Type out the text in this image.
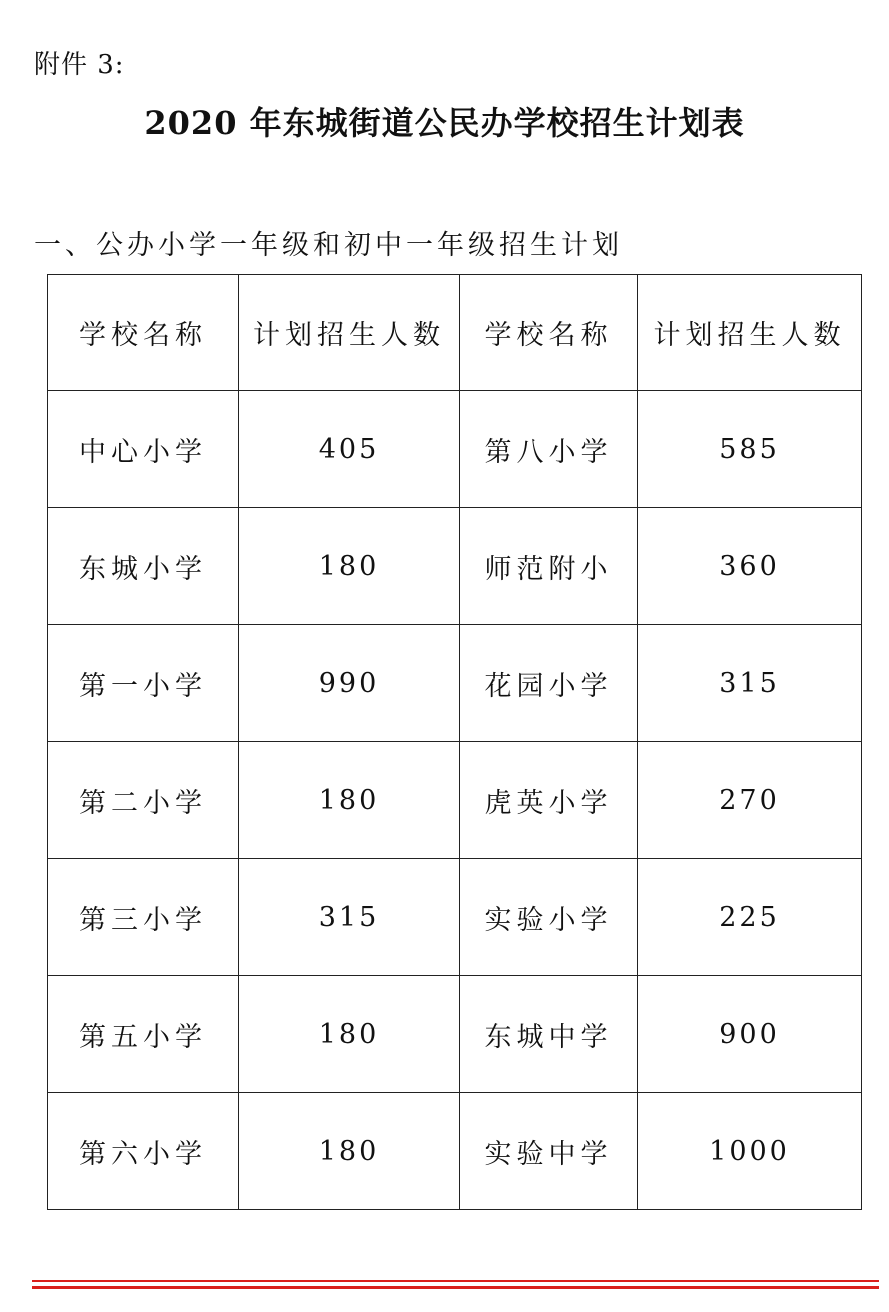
附件 3:
2020 年东城街道公民办学校招生计划表
一、公办小学一年级和初中一年级招生计划
学校名称	计划招生人数	学校名称	计划招生人数
中心小学	405	第八小学	585
东城小学	180	师范附小	360
第一小学	990	花园小学	315
第二小学	180	虎英小学	270
第三小学	315	实验小学	225
第五小学	180	东城中学	900
第六小学	180	实验中学	1000
